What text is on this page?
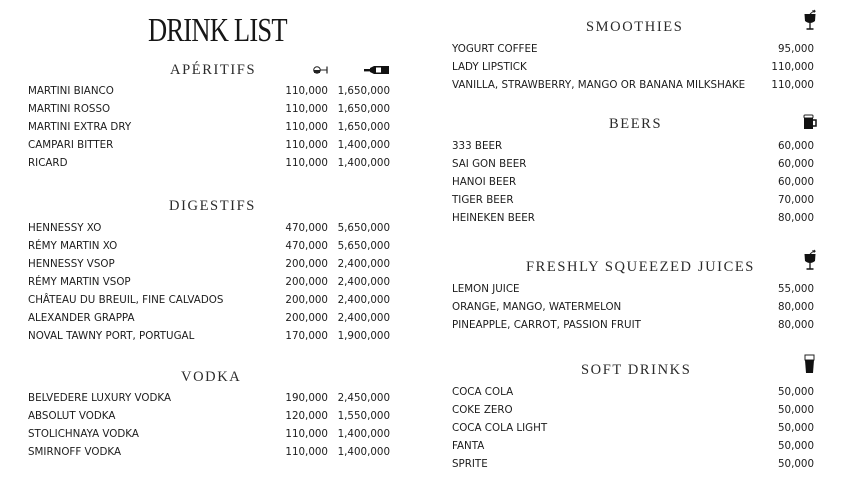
DRINK LIST
APÉRITIFS
MARTINI BIANCO	110,000 1,650,000
MARTINI ROSSO	110,000 1,650,000
MARTINI EXTRA DRY	110,000 1,650,000
CAMPARI BITTER	110,000 1,400,000
RICARD	110,000 1,400,000
DIGESTIFS
HENNESSY XO	470,000 5,650,000
RÉMY MARTIN XO	470,000 5,650,000
HENNESSY VSOP	200,000 2,400,000
RÉMY MARTIN VSOP	200,000 2,400,000
CHÂTEAU DU BREUIL, FINE CALVADOS	200,000 2,400,000
ALEXANDER GRAPPA	200,000 2,400,000
NOVAL TAWNY PORT, PORTUGAL	170,000 1,900,000
VODKA
BELVEDERE LUXURY VODKA	190,000 2,450,000
ABSOLUT VODKA	120,000 1,550,000
STOLICHNAYA VODKA	110,000 1,400,000
SMIRNOFF VODKA	110,000 1,400,000
SMOOTHIES
YOGURT COFFEE	95,000
LADY LIPSTICK	110,000
VANILLA, STRAWBERRY, MANGO OR BANANA MILKSHAKE	110,000
BEERS
333 BEER	60,000
SAI GON BEER	60,000
HANOI BEER	60,000
TIGER BEER	70,000
HEINEKEN BEER	80,000
FRESHLY SQUEEZED JUICES
LEMON JUICE	55,000
ORANGE, MANGO, WATERMELON	80,000
PINEAPPLE, CARROT, PASSION FRUIT	80,000
SOFT DRINKS
COCA COLA	50,000
COKE ZERO	50,000
COCA COLA LIGHT	50,000
FANTA	50,000
SPRITE	50,000
